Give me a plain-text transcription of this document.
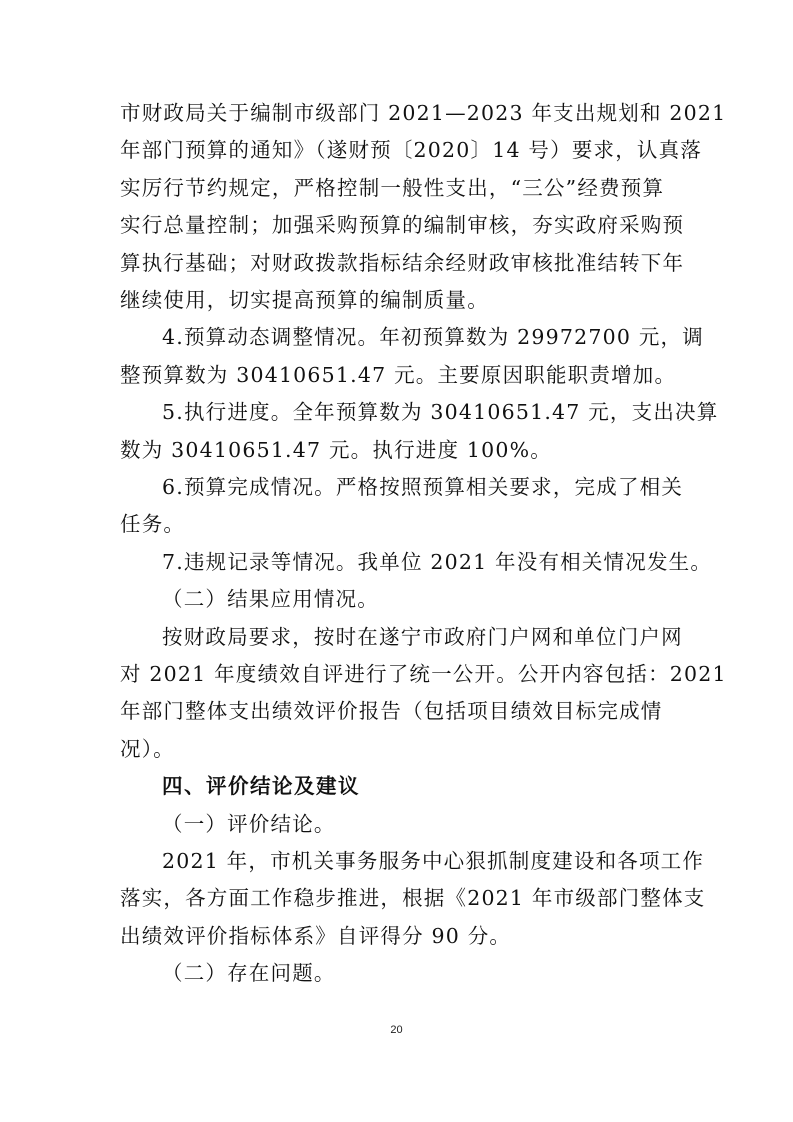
市财政局关于编制市级部门 2021—2023 年支出规划和 2021
年部门预算的通知》（遂财预〔2020〕14 号）要求，认真落
实厉行节约规定，严格控制一般性支出，“三公”经费预算
实行总量控制；加强采购预算的编制审核，夯实政府采购预
算执行基础；对财政拨款指标结余经财政审核批准结转下年
继续使用，切实提高预算的编制质量。
4.预算动态调整情况。年初预算数为 29972700 元，调
整预算数为 30410651.47 元。主要原因职能职责增加。
5.执行进度。全年预算数为 30410651.47 元，支出决算
数为 30410651.47 元。执行进度 100%。
6.预算完成情况。严格按照预算相关要求，完成了相关
任务。
7.违规记录等情况。我单位 2021 年没有相关情况发生。
（二）结果应用情况。
按财政局要求，按时在遂宁市政府门户网和单位门户网
对 2021 年度绩效自评进行了统一公开。公开内容包括：2021
年部门整体支出绩效评价报告（包括项目绩效目标完成情
况）。
四、评价结论及建议
（一）评价结论。
2021 年，市机关事务服务中心狠抓制度建设和各项工作
落实，各方面工作稳步推进，根据《2021 年市级部门整体支
出绩效评价指标体系》自评得分 90 分。
（二）存在问题。
20
